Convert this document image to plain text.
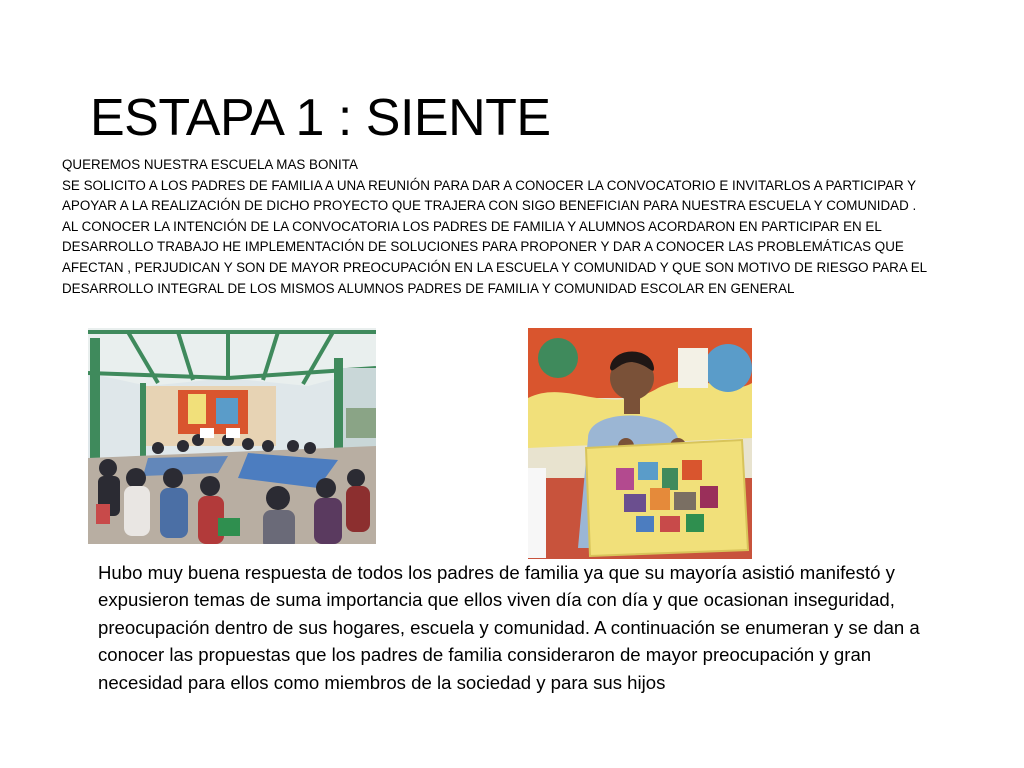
ESTAPA 1 : SIENTE

QUEREMOS NUESTRA ESCUELA MAS BONITA

SE SOLICITO A LOS PADRES DE FAMILIA A UNA REUNIÓN PARA DAR A CONOCER LA CONVOCATORIO E INVITARLOS A PARTICIPAR Y APOYAR A LA REALIZACIÓN DE DICHO PROYECTO QUE TRAJERA CON SIGO BENEFICIAN PARA NUESTRA ESCUELA Y COMUNIDAD .

AL CONOCER LA INTENCIÓN DE LA CONVOCATORIA LOS PADRES DE FAMILIA Y ALUMNOS ACORDARON EN PARTICIPAR EN EL DESARROLLO TRABAJO HE IMPLEMENTACIÓN DE SOLUCIONES PARA PROPONER Y DAR A CONOCER LAS PROBLEMÁTICAS QUE AFECTAN , PERJUDICAN Y SON DE MAYOR PREOCUPACIÓN EN LA ESCUELA Y COMUNIDAD Y QUE SON MOTIVO DE RIESGO PARA EL DESARROLLO INTEGRAL DE LOS MISMOS ALUMNOS PADRES DE FAMILIA Y COMUNIDAD ESCOLAR EN GENERAL

Hubo muy buena respuesta de todos los padres de familia ya que su mayoría asistió manifestó y expusieron temas de suma importancia que ellos viven día con día y que ocasionan inseguridad, preocupación dentro de sus hogares, escuela y comunidad. A continuación se enumeran y se dan a conocer las propuestas que los padres de familia consideraron de mayor preocupación y gran necesidad para ellos como miembros de la sociedad y para sus hijos
